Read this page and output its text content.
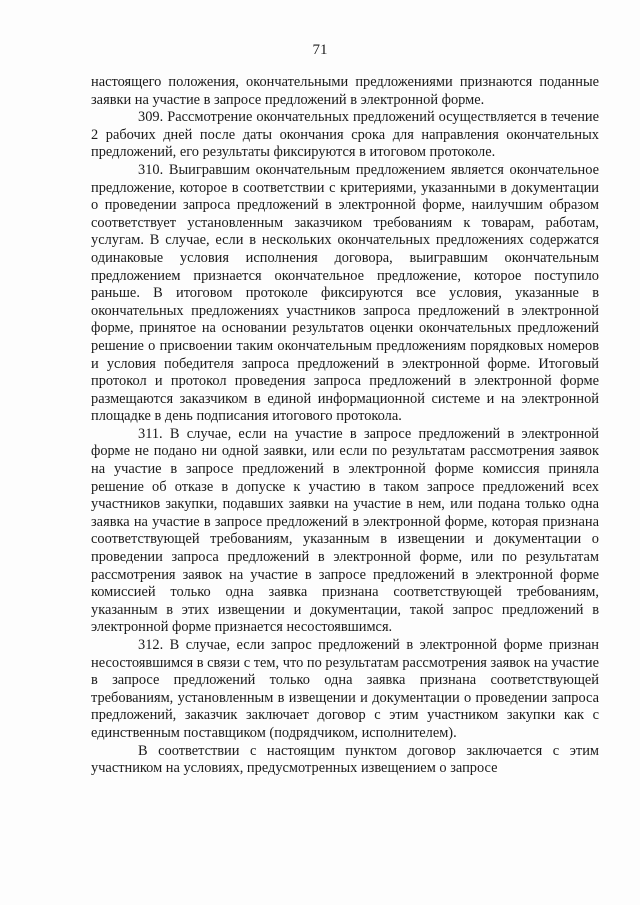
71

настоящего положения, окончательными предложениями признаются поданные заявки на участие в запросе предложений в электронной форме.

309. Рассмотрение окончательных предложений осуществляется в течение 2 рабочих дней после даты окончания срока для направления окончательных предложений, его результаты фиксируются в итоговом протоколе.

310. Выигравшим окончательным предложением является окончательное предложение, которое в соответствии с критериями, указанными в документации о проведении запроса предложений в электронной форме, наилучшим образом соответствует установленным заказчиком требованиям к товарам, работам, услугам. В случае, если в нескольких окончательных предложениях содержатся одинаковые условия исполнения договора, выигравшим окончательным предложением признается окончательное предложение, которое поступило раньше. В итоговом протоколе фиксируются все условия, указанные в окончательных предложениях участников запроса предложений в электронной форме, принятое на основании результатов оценки окончательных предложений решение о присвоении таким окончательным предложениям порядковых номеров и условия победителя запроса предложений в электронной форме. Итоговый протокол и протокол проведения запроса предложений в электронной форме размещаются заказчиком в единой информационной системе и на электронной площадке в день подписания итогового протокола.

311. В случае, если на участие в запросе предложений в электронной форме не подано ни одной заявки, или если по результатам рассмотрения заявок на участие в запросе предложений в электронной форме комиссия приняла решение об отказе в допуске к участию в таком запросе предложений всех участников закупки, подавших заявки на участие в нем, или подана только одна заявка на участие в запросе предложений в электронной форме, которая признана соответствующей требованиям, указанным в извещении и документации о проведении запроса предложений в электронной форме, или по результатам рассмотрения заявок на участие в запросе предложений в электронной форме комиссией только одна заявка признана соответствующей требованиям, указанным в этих извещении и документации, такой запрос предложений в электронной форме признается несостоявшимся.

312. В случае, если запрос предложений в электронной форме признан несостоявшимся в связи с тем, что по результатам рассмотрения заявок на участие в запросе предложений только одна заявка признана соответствующей требованиям, установленным в извещении и документации о проведении запроса предложений, заказчик заключает договор с этим участником закупки как с единственным поставщиком (подрядчиком, исполнителем).

В соответствии с настоящим пунктом договор заключается с этим участником на условиях, предусмотренных извещением о запросе
